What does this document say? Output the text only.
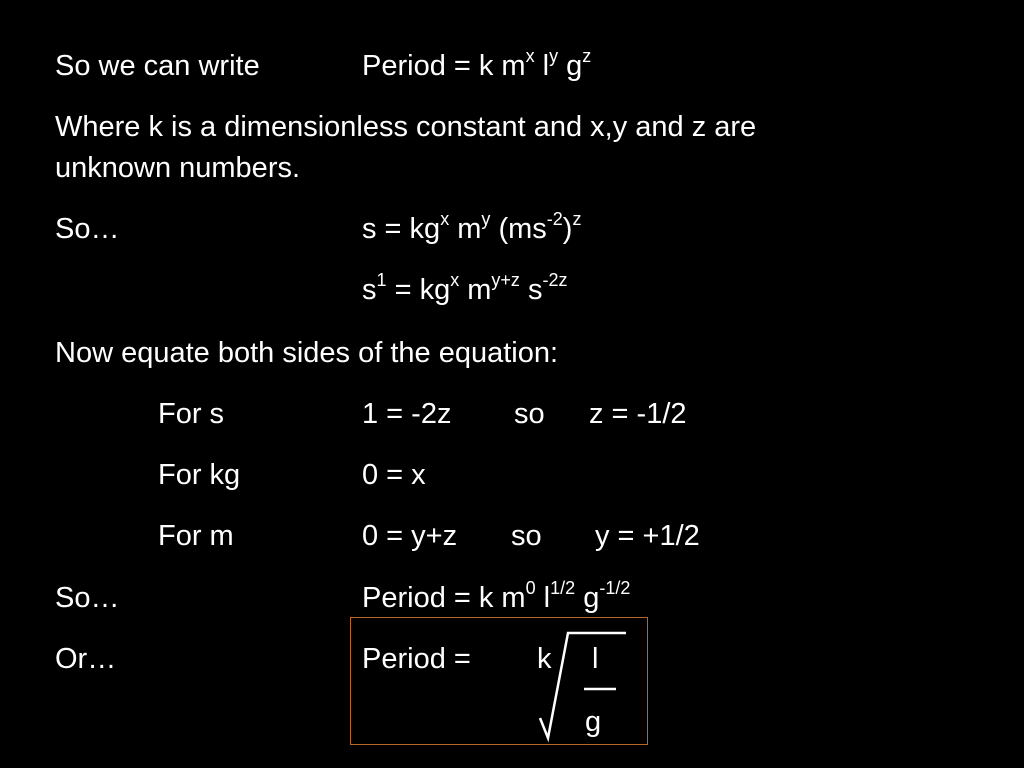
So we can write	Period = k $m^x$ $l^y$ $g^z$
Where k is a dimensionless constant and x,y and z are
unknown numbers.
So…	$s = kg^x$ $m^y$ $(ms^{-2})^z$
$s^1 = kg^x$ $m^{y+z}$ $s^{-2z}$
Now equate both sides of the equation:
For s	1 = -2z so z = -1/2
For kg	0 = x
For m	0 = y+z so y = +1/2
So…	Period = k $m^0$ $l^{1/2}$ $g^{-1/2}$
Or…	Period = k l
g
